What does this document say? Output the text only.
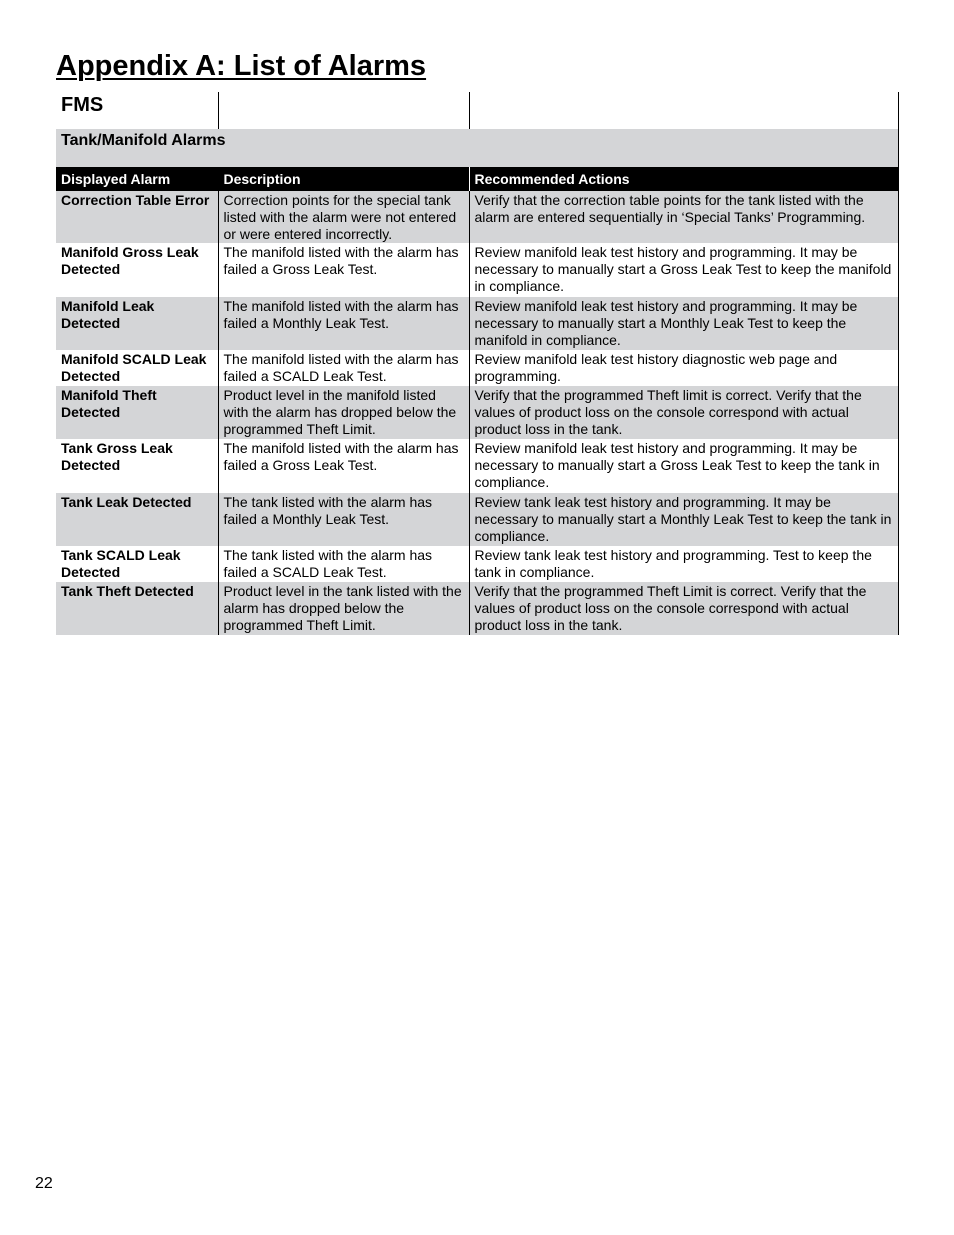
Appendix A: List of Alarms
FMS		
Tank/Manifold Alarms		
Displayed Alarm	Description	Recommended Actions
Correction Table Error	Correction points for the special tank listed with the alarm were not entered or were entered incorrectly.	Verify that the correction table points for the tank listed with the alarm are entered sequentially in ‘Special Tanks’ Programming.
Manifold Gross Leak Detected	The manifold listed with the alarm has failed a Gross Leak Test.	Review manifold leak test history and programming. It may be necessary to manually start a Gross Leak Test to keep the manifold in compliance.
Manifold Leak Detected	The manifold listed with the alarm has failed a Monthly Leak Test.	Review manifold leak test history and programming. It may be necessary to manually start a Monthly Leak Test to keep the manifold in compliance.
Manifold SCALD Leak Detected	The manifold listed with the alarm has failed a SCALD Leak Test.	Review manifold leak test history diagnostic web page and programming.
Manifold Theft Detected	Product level in the manifold listed with the alarm has dropped below the programmed Theft Limit.	Verify that the programmed Theft limit is correct. Verify that the values of product loss on the console correspond with actual product loss in the tank.
Tank Gross Leak Detected	The manifold listed with the alarm has failed a Gross Leak Test.	Review manifold leak test history and programming. It may be necessary to manually start a Gross Leak Test to keep the tank in compliance.
Tank Leak Detected	The tank listed with the alarm has failed a Monthly Leak Test.	Review tank leak test history and programming. It may be necessary to manually start a Monthly Leak Test to keep the tank in compliance.
Tank SCALD Leak Detected	The tank listed with the alarm has failed a SCALD Leak Test.	Review tank leak test history and programming. Test to keep the tank in compliance.
Tank Theft Detected	Product level in the tank listed with the alarm has dropped below the programmed Theft Limit.	Verify that the programmed Theft Limit is correct. Verify that the values of product loss on the console correspond with actual product loss in the tank.
22
